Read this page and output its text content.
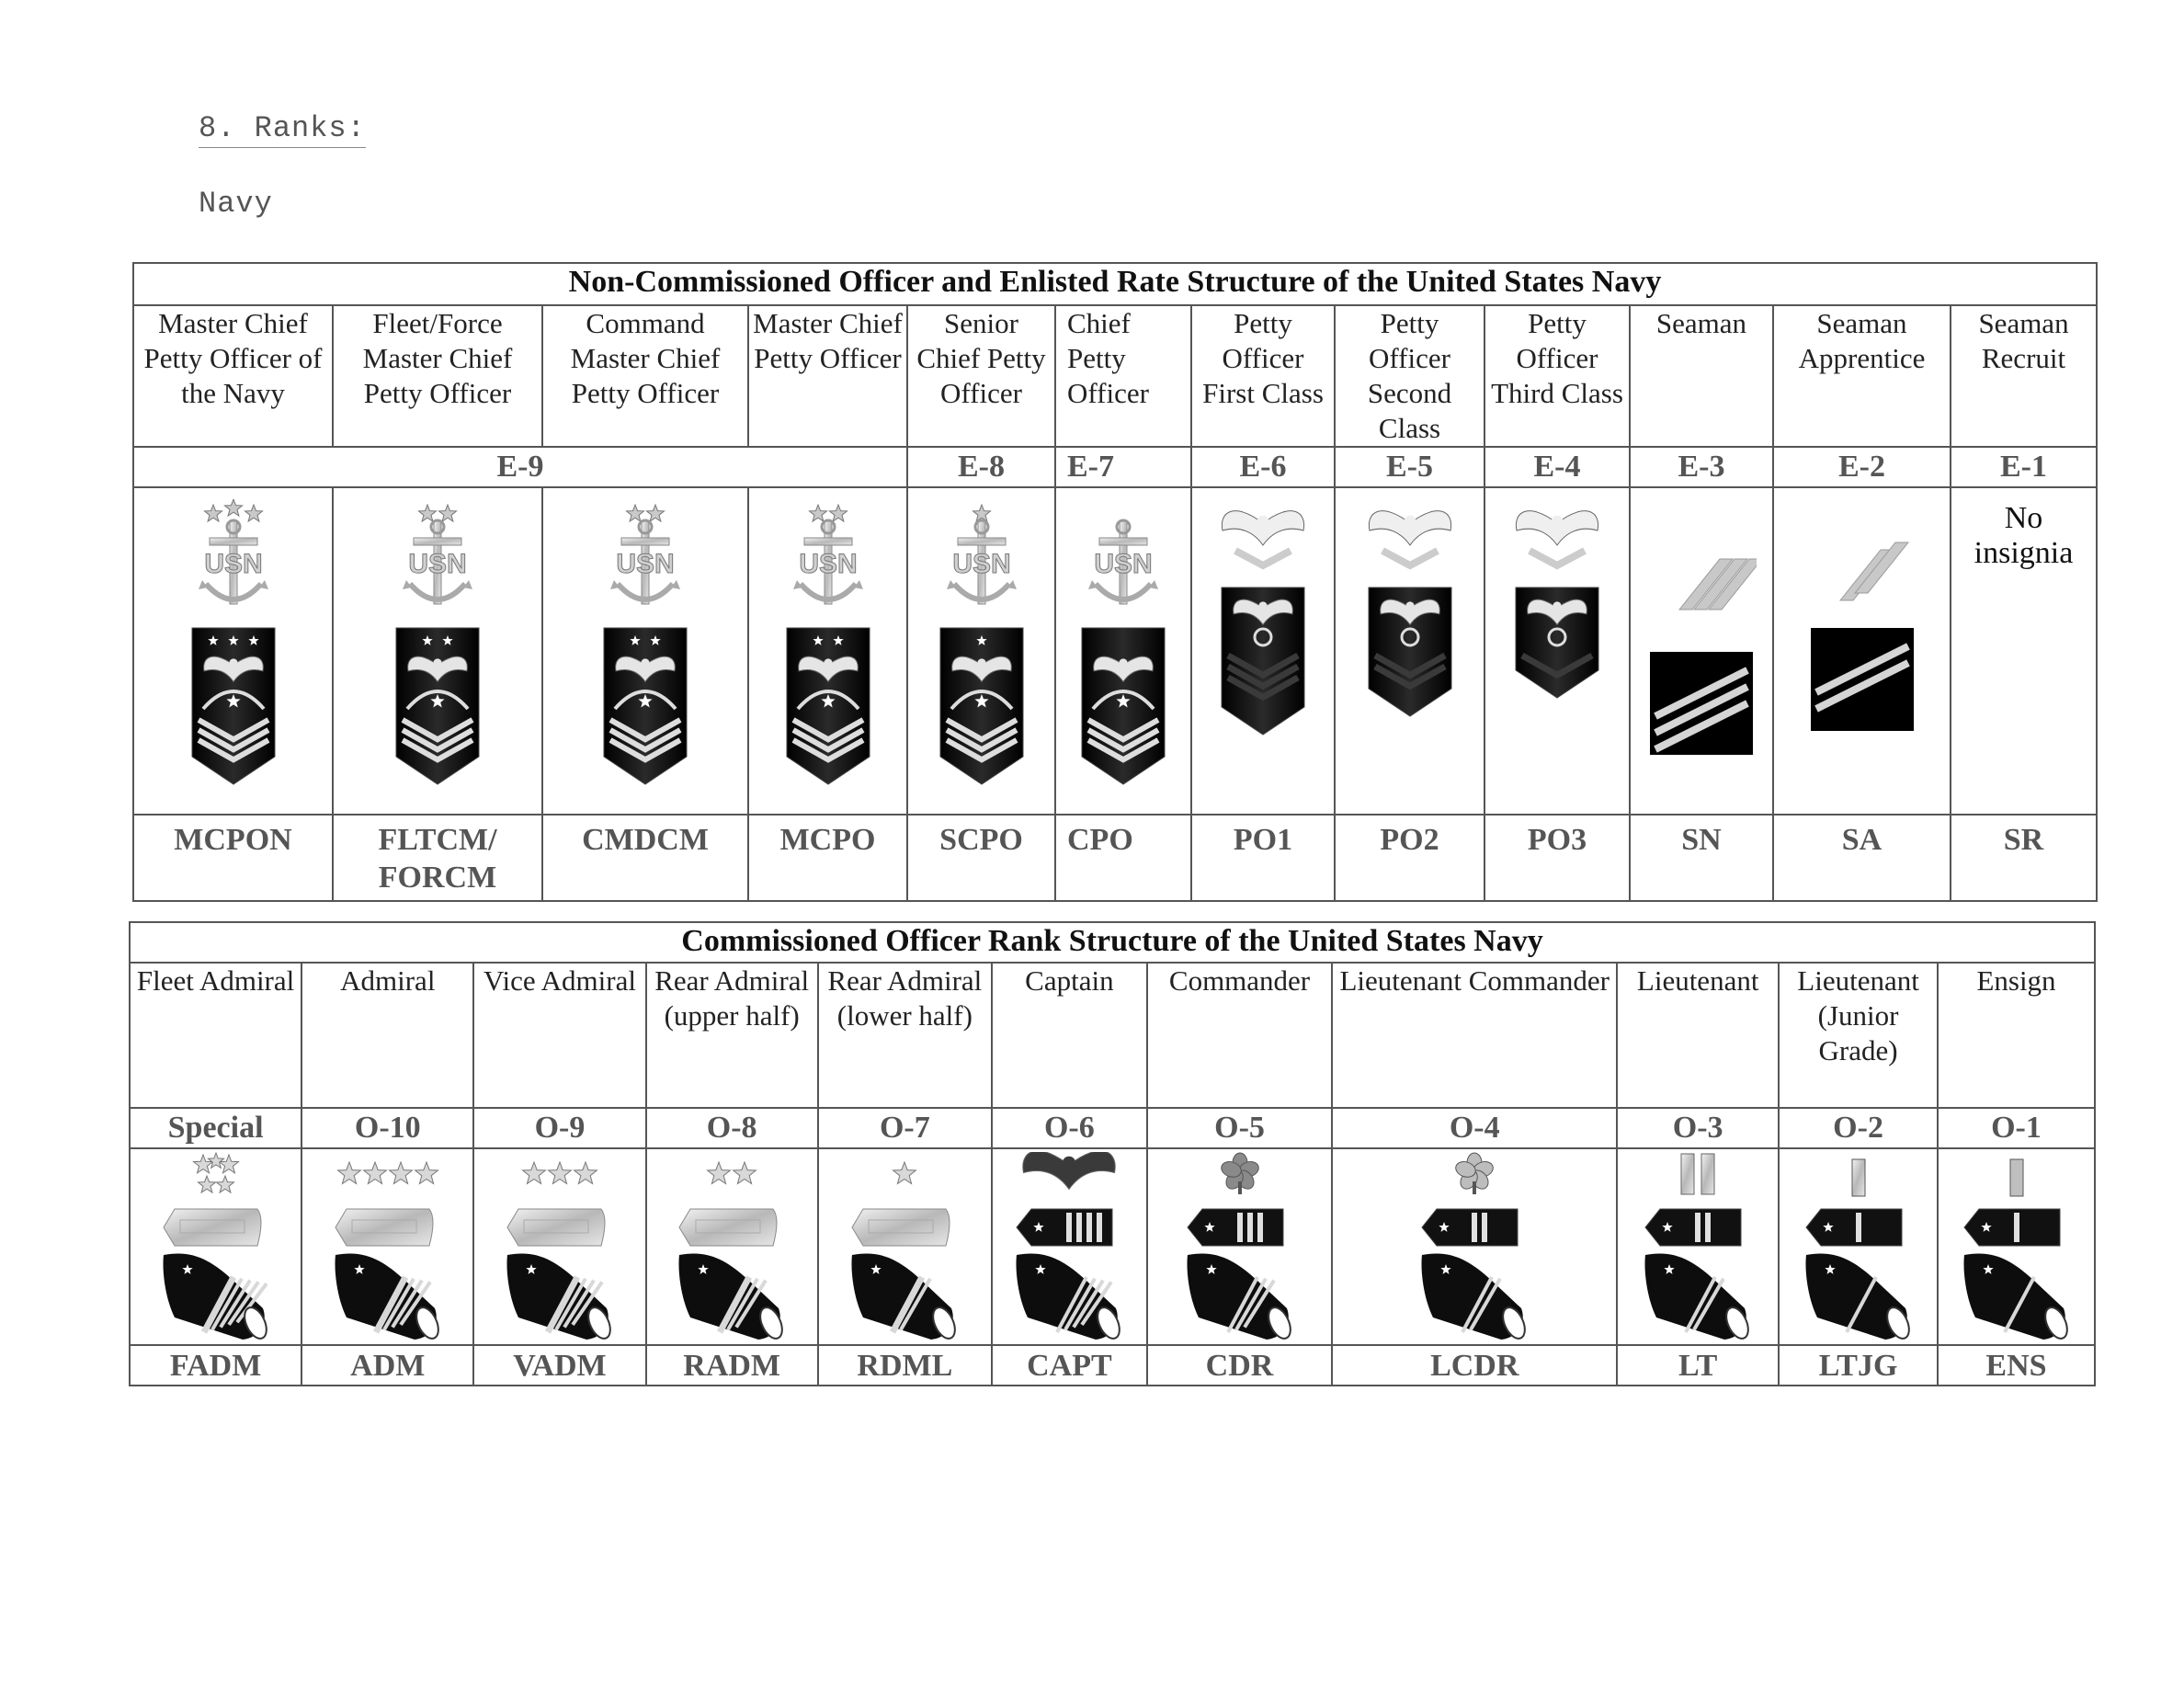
8. Ranks:
Navy
Non-Commissioned Officer and Enlisted Rate Structure of the United States Navy											
Master Chief Petty Officer of the Navy	Fleet/Force Master Chief Petty Officer	Command Master Chief Petty Officer	Master Chief Petty Officer	Senior Chief Petty Officer	Chief Petty Officer	Petty Officer First Class	Petty Officer Second Class	Petty Officer Third Class	Seaman	Seaman Apprentice	Seaman Recruit
E-9				E-8	E-7	E-6	E-5	E-4	E-3	E-2	E-1

USN	USN	USN	USN	USN	USN						No insignia
MCPON	FLTCM/ FORCM	CMDCM	MCPO	SCPO	CPO	PO1	PO2	PO3	SN	SA	SR
Commissioned Officer Rank Structure of the United States Navy										
Fleet Admiral	Admiral	Vice Admiral	Rear Admiral (upper half)	Rear Admiral (lower half)	Captain	Commander	Lieutenant Commander	Lieutenant	Lieutenant (Junior Grade)	Ensign
Special	O-10	O-9	O-8	O-7	O-6	O-5	O-4	O-3	O-2	O-1

FADM	ADM	VADM	RADM	RDML	CAPT	CDR	LCDR	LT	LTJG	ENS
